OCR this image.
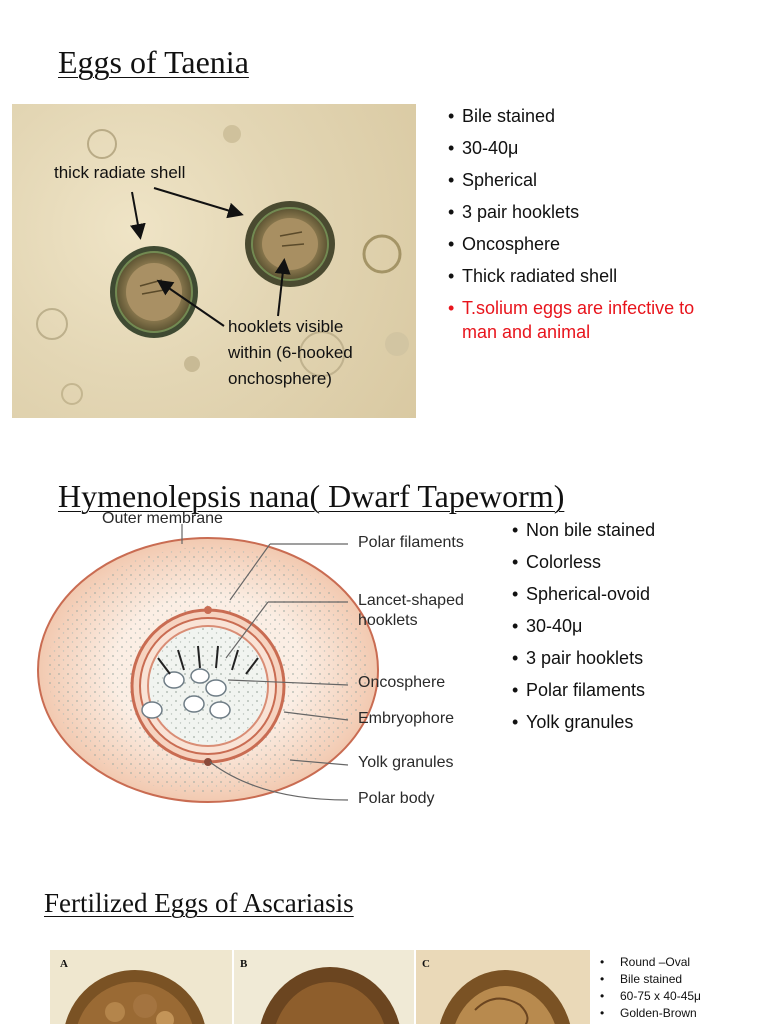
Eggs of Taenia
thick radiate shell
hooklets visible
within (6-hooked
onchosphere)
• Bile stained
• 30-40μ
• Spherical
• 3 pair hooklets
• Oncosphere
• Thick radiated shell
• T.solium eggs are infective to
man and animal
Hymenolepsis nana( Dwarf Tapeworm)
Outer membrane
Polar filaments
Lancet-shaped
hooklets
Oncosphere
Embryophore
Yolk granules
Polar body
• Non bile stained
• Colorless
• Spherical-ovoid
• 30-40μ
• 3 pair hooklets
• Polar filaments
• Yolk granules
Fertilized Eggs of Ascariasis
A	B	C
•	Round –Oval
• Bile stained
• 60-75 x 40-45μ
• Golden-Brown
